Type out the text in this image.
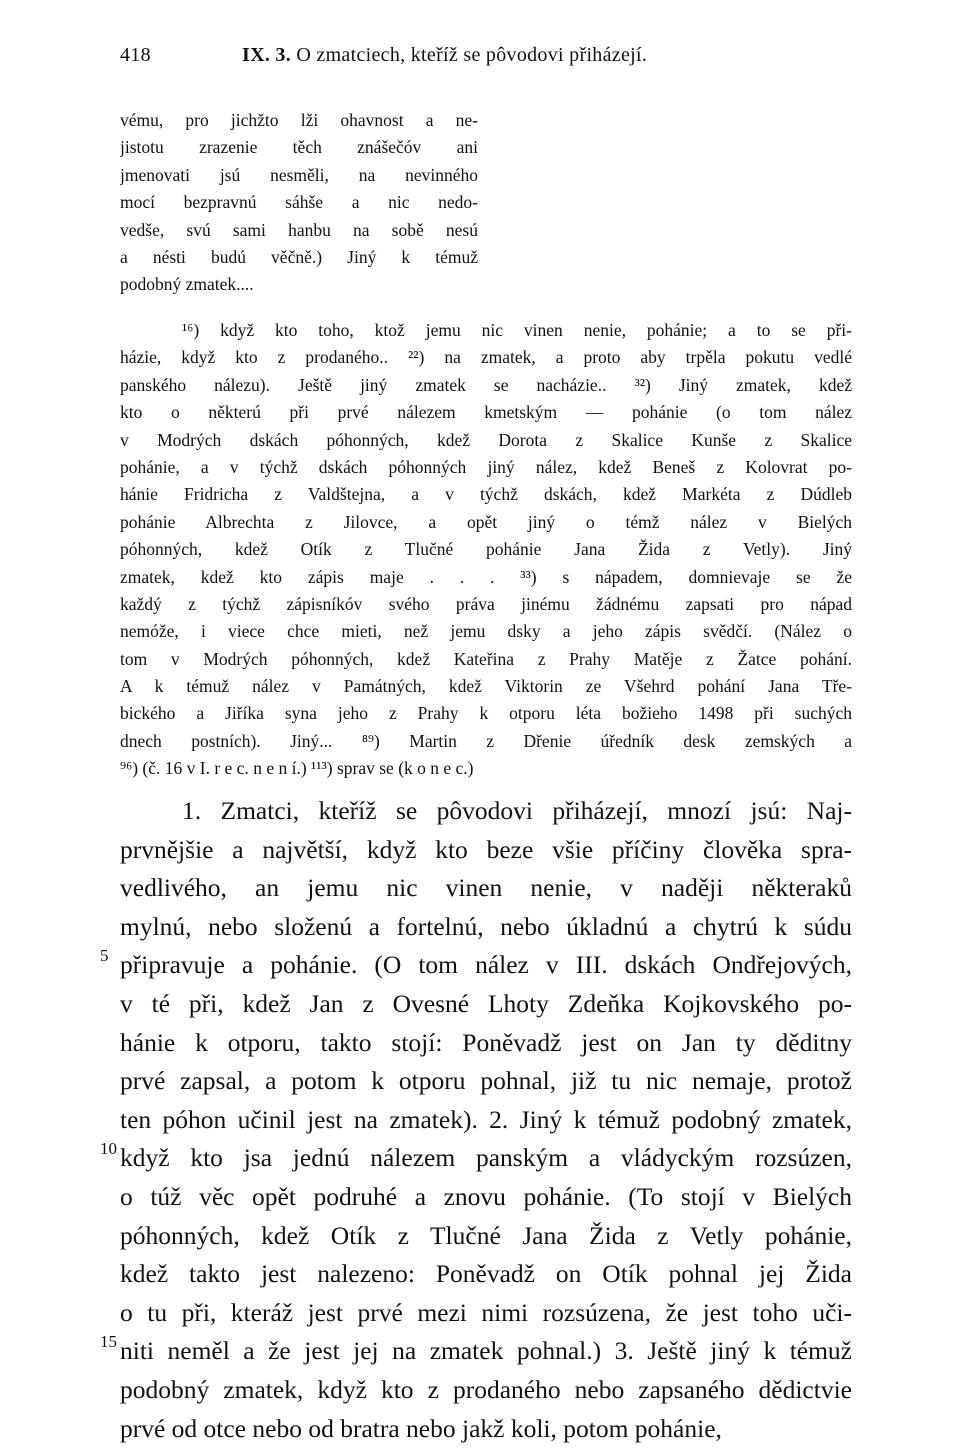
418	IX. 3. O zmatciech, kteříž se pôvodovi přiházejí.
vému, pro jichžto lži ohavnost a ne-
jistotu zrazenie těch znášečóv ani
jmenovati jsú nesměli, na nevinného
mocí bezpravnú sáhše a nic nedo-
vedše, svú sami hanbu na sobě nesú
a nésti budú věčně.) Jiný k témuž
podobný zmatek....
¹⁶) když kto toho, ktož jemu nic vinen nenie, pohánie; a to se při-
házie, když kto z prodaného.. ²²) na zmatek, a proto aby trpěla pokutu vedlé
panského nálezu). Ještě jiný zmatek se nacházie.. ³²) Jiný zmatek, kdež
kto o některú při prvé nálezem kmetským — pohánie (o tom nález
v Modrých dskách póhonných, kdež Dorota z Skalice Kunše z Skalice
pohánie, a v týchž dskách póhonných jiný nález, kdež Beneš z Kolovrat po-
hánie Fridricha z Valdštejna, a v týchž dskách, kdež Markéta z Dúdleb
pohánie Albrechta z Jilovce, a opět jiný o témž nález v Bielých
póhonných, kdež Otík z Tlučné pohánie Jana Žida z Vetly). Jiný
zmatek, kdež kto zápis maje . . . ³³) s nápadem, domnievaje se že
každý z týchž zápisníkóv svého práva jinému žádnému zapsati pro nápad
nemóže, i viece chce mieti, než jemu dsky a jeho zápis svědčí. (Nález o
tom v Modrých póhonných, kdež Kateřina z Prahy Matěje z Žatce pohání.
A k témuž nález v Památných, kdež Viktorin ze Všehrd pohání Jana Tře-
bického a Jiříka syna jeho z Prahy k otporu léta božieho 1498 při suchých
dnech postních). Jiný... ⁸⁹) Martin z Dřenie úředník desk zemských a
⁹⁶) (č. 16 v I. r e c. n e n í.) ¹¹³) sprav se (k o n e c.)
1. Zmatci, kteříž se pôvodovi přiházejí, mnozí jsú: Naj-
prvnějšie a najvětší, když kto beze všie příčiny člověka spra-
vedlivého, an jemu nic vinen nenie, v naději některaků
mylnú, nebo složenú a fortelnú, nebo úkladnú a chytrú k súdu
připravuje a pohánie. (O tom nález v III. dskách Ondřejových,
v té při, kdež Jan z Ovesné Lhoty Zdeňka Kojkovského po-
hánie k otporu, takto stojí: Poněvadž jest on Jan ty děditny
prvé zapsal, a potom k otporu pohnal, již tu nic nemaje, protož
ten póhon učinil jest na zmatek). 2. Jiný k témuž podobný zmatek,
když kto jsa jednú nálezem panským a vládyckým rozsúzen,
o túž věc opět podruhé a znovu pohánie. (To stojí v Bielých
póhonných, kdež Otík z Tlučné Jana Žida z Vetly pohánie,
kdež takto jest nalezeno: Poněvadž on Otík pohnal jej Žida
o tu při, kteráž jest prvé mezi nimi rozsúzena, že jest toho uči-
niti neměl a že jest jej na zmatek pohnal.) 3. Ještě jiný k témuž
podobný zmatek, když kto z prodaného nebo zapsaného dědictvie
prvé od otce nebo od bratra nebo jakž koli, potom pohánie,
5
10
15
